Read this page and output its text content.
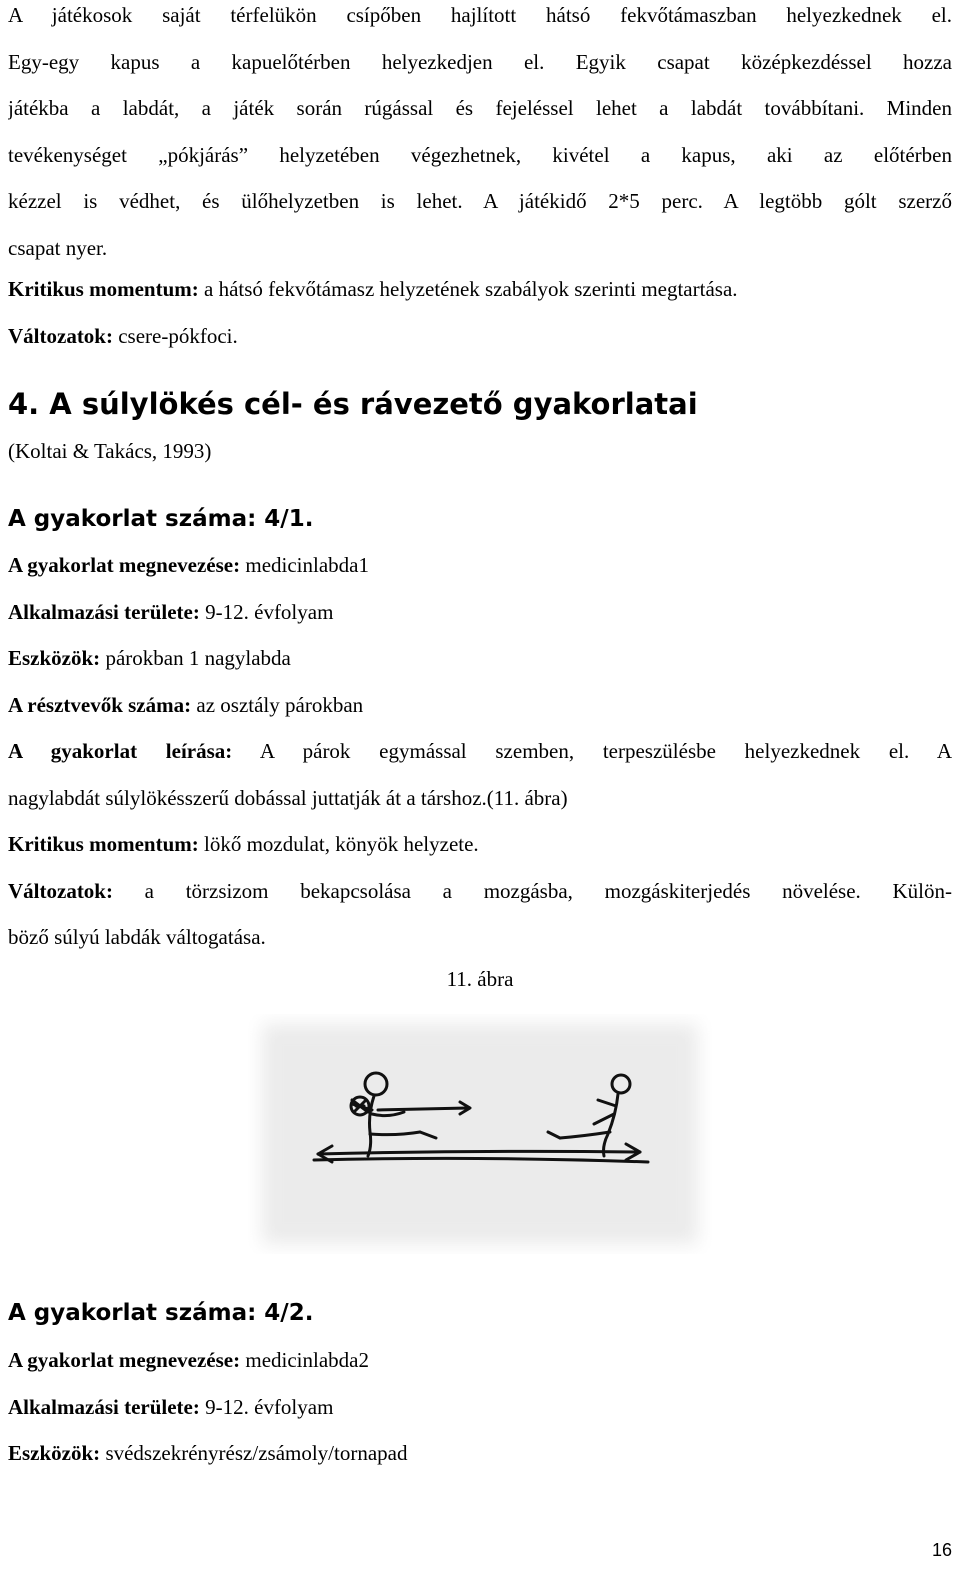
A játékosok saját térfelükön csípőben hajlított hátsó fekvőtámaszban helyezkednek el.
Egy-egy kapus a kapuelőtérben helyezkedjen el. Egyik csapat középkezdéssel hozza
játékba a labdát, a játék során rúgással és fejeléssel lehet a labdát továbbítani. Minden
tevékenységet „pókjárás” helyzetében végezhetnek, kivétel a kapus, aki az előtérben
kézzel is védhet, és ülőhelyzetben is lehet. A játékidő 2*5 perc. A legtöbb gólt szerző
csapat nyer.
Kritikus momentum: a hátsó fekvőtámasz helyzetének szabályok szerinti megtartása.
Változatok: csere-pókfoci.
4. A súlylökés cél- és rávezető gyakorlatai
(Koltai & Takács, 1993)
A gyakorlat száma: 4/1.
A gyakorlat megnevezése: medicinlabda1
Alkalmazási területe: 9-12. évfolyam
Eszközök: párokban 1 nagylabda
A résztvevők száma: az osztály párokban
A gyakorlat leírása: A párok egymással szemben, terpeszülésbe helyezkednek el. A
nagylabdát súlylökésszerű dobással juttatják át a társhoz.(11. ábra)
Kritikus momentum: lökő mozdulat, könyök helyzete.
Változatok: a törzsizom bekapcsolása a mozgásba, mozgáskiterjedés növelése. Külön-
böző súlyú labdák váltogatása.
11. ábra
A gyakorlat száma: 4/2.
A gyakorlat megnevezése: medicinlabda2
Alkalmazási területe: 9-12. évfolyam
Eszközök: svédszekrényrész/zsámoly/tornapad
16
